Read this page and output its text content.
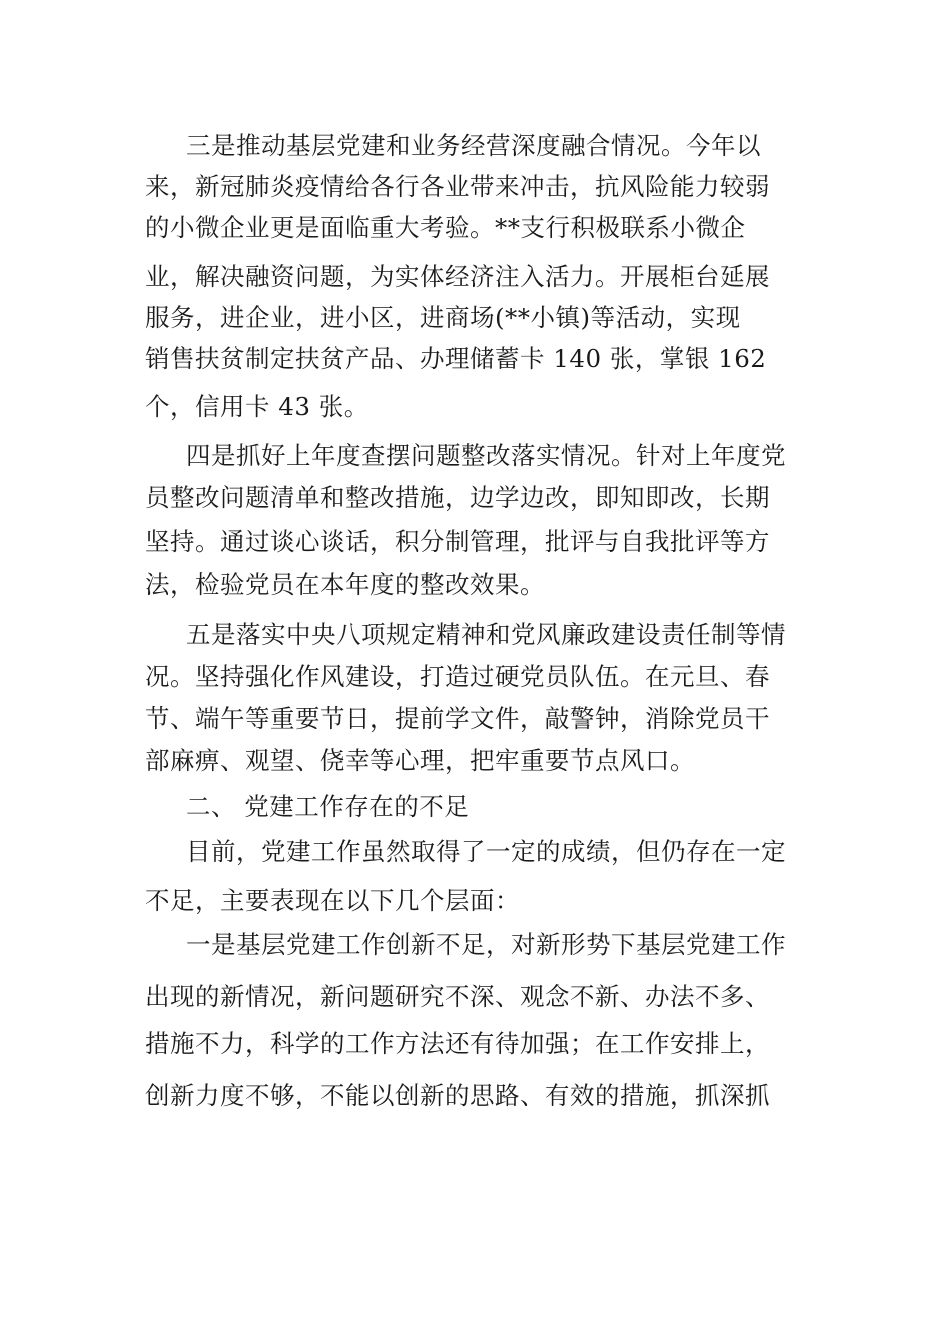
三是推动基层党建和业务经营深度融合情况。今年以

来，新冠肺炎疫情给各行各业带来冲击，抗风险能力较弱

的小微企业更是面临重大考验。**支行积极联系小微企

业，解决融资问题，为实体经济注入活力。开展柜台延展

服务，进企业，进小区，进商场(**小镇)等活动，实现

销售扶贫制定扶贫产品、办理储蓄卡 140 张，掌银 162

个，信用卡 43 张。

四是抓好上年度查摆问题整改落实情况。针对上年度党

员整改问题清单和整改措施，边学边改，即知即改，长期

坚持。通过谈心谈话，积分制管理，批评与自我批评等方

法，检验党员在本年度的整改效果。

五是落实中央八项规定精神和党风廉政建设责任制等情

况。坚持强化作风建设，打造过硬党员队伍。在元旦、春

节、端午等重要节日，提前学文件，敲警钟，消除党员干

部麻痹、观望、侥幸等心理，把牢重要节点风口。

二、 党建工作存在的不足

目前，党建工作虽然取得了一定的成绩，但仍存在一定

不足，主要表现在以下几个层面：

一是基层党建工作创新不足，对新形势下基层党建工作

出现的新情况，新问题研究不深、观念不新、办法不多、

措施不力，科学的工作方法还有待加强；在工作安排上，

创新力度不够，不能以创新的思路、有效的措施，抓深抓
